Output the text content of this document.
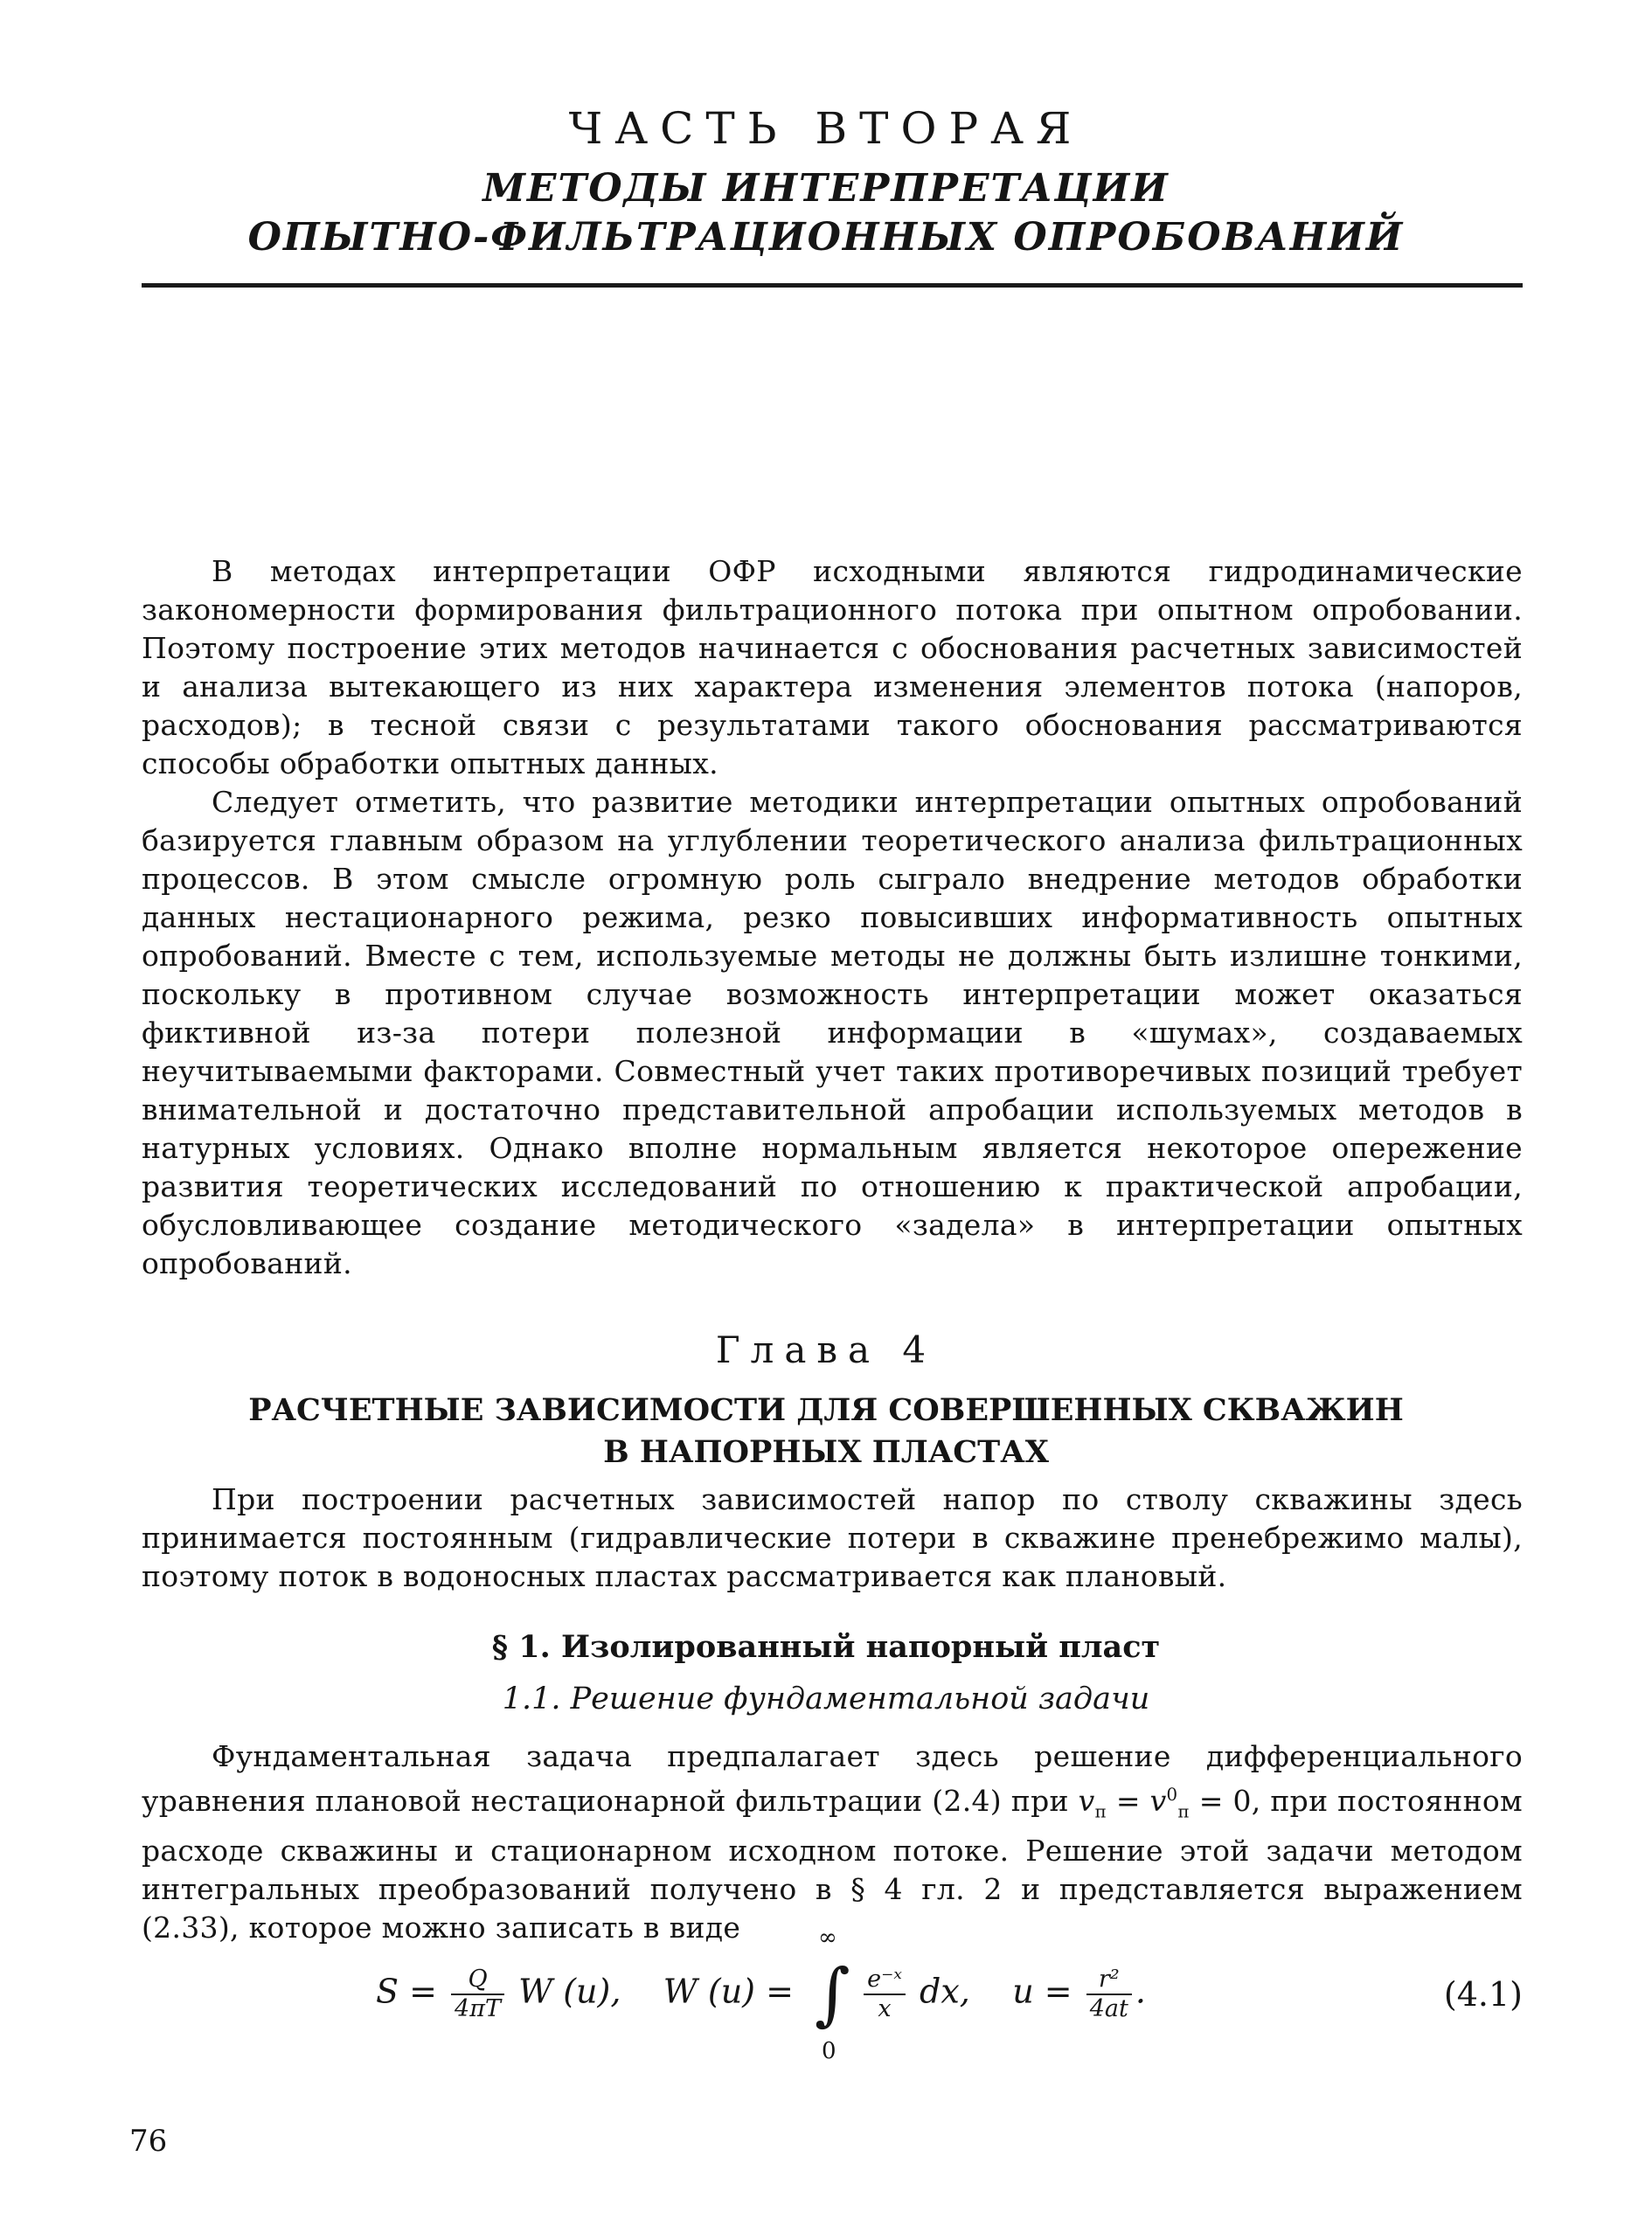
ЧАСТЬ ВТОРАЯ
МЕТОДЫ ИНТЕРПРЕТАЦИИ
ОПЫТНО-ФИЛЬТРАЦИОННЫХ ОПРОБОВАНИЙ
В методах интерпретации ОФР исходными являются гидродинамические закономерности формирования фильтрационного потока при опытном опробовании. Поэтому построение этих методов начинается с обоснования расчетных зависимостей и анализа вытекающего из них характера изменения элементов потока (напоров, расходов); в тесной связи с результатами такого обоснования рассматриваются способы обработки опытных данных.
Следует отметить, что развитие методики интерпретации опытных опробований базируется главным образом на углублении теоретического анализа фильтрационных процессов. В этом смысле огромную роль сыграло внедрение методов обработки данных нестационарного режима, резко повысивших информативность опытных опробований. Вместе с тем, используемые методы не должны быть излишне тонкими, поскольку в противном случае возможность интерпретации может оказаться фиктивной из-за потери полезной информации в «шумах», создаваемых неучитываемыми факторами. Совместный учет таких противоречивых позиций требует внимательной и достаточно представительной апробации используемых методов в натурных условиях. Однако вполне нормальным является некоторое опережение развития теоретических исследований по отношению к практической апробации, обусловливающее создание методического «задела» в интерпретации опытных опробований.
Глава 4
РАСЧЕТНЫЕ ЗАВИСИМОСТИ ДЛЯ СОВЕРШЕННЫХ СКВАЖИН
В НАПОРНЫХ ПЛАСТАХ
При построении расчетных зависимостей напор по стволу скважины здесь принимается постоянным (гидравлические потери в скважине пренебрежимо малы), поэтому поток в водоносных пластах рассматривается как плановый.
§ 1. Изолированный напорный пласт
1.1. Решение фундаментальной задачи
Фундаментальная задача предпалагает здесь решение дифференциального уравнения плановой нестационарной фильтрации (2.4) при $v_п = v^0_п = 0$, при постоянном расходе скважины и стационарном исходном потоке. Решение этой задачи методом интегральных преобразований получено в § 4 гл. 2 и представляется выражением (2.33), которое можно записать в виде
$S = \frac{Q}{4\pi T}$ W (u), W (u) =
∞
∫
0

$\frac{\text{e⁻ˣ}}{x}$ dx, $u = \frac{\text{r²}}{4at}$ .	(4.1)
76
